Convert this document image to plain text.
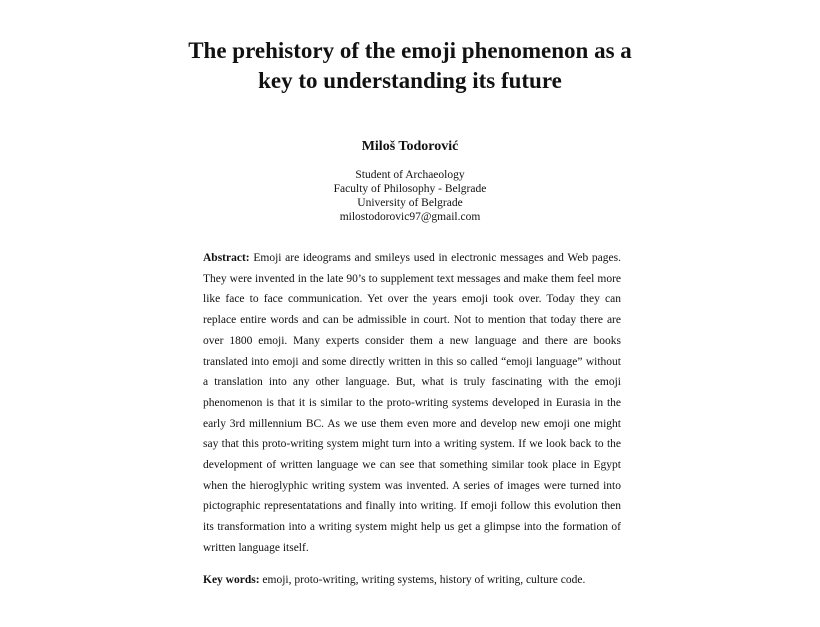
The prehistory of the emoji phenomenon as a
key to understanding its future

Miloš Todorović

Student of Archaeology
Faculty of Philosophy - Belgrade
University of Belgrade
milostodorovic97@gmail.com

Abstract: Emoji are ideograms and smileys used in electronic messages and Web pages. They were invented in the late 90’s to supplement text messages and make them feel more like face to face communication. Yet over the years emoji took over. Today they can replace entire words and can be admissible in court. Not to mention that today there are over 1800 emoji. Many experts consider them a new language and there are books translated into emoji and some directly written in this so called “emoji language” without a translation into any other language. But, what is truly fascinating with the emoji phenomenon is that it is similar to the proto-writing systems developed in Eurasia in the early 3rd millennium BC. As we use them even more and develop new emoji one might say that this proto-writing system might turn into a writing system. If we look back to the development of written language we can see that something similar took place in Egypt when the hieroglyphic writing system was invented. A series of images were turned into pictographic representatations and finally into writing. If emoji follow this evolution then its transformation into a writing system might help us get a glimpse into the formation of written language itself.

Key words: emoji, proto-writing, writing systems, history of writing, culture code.
